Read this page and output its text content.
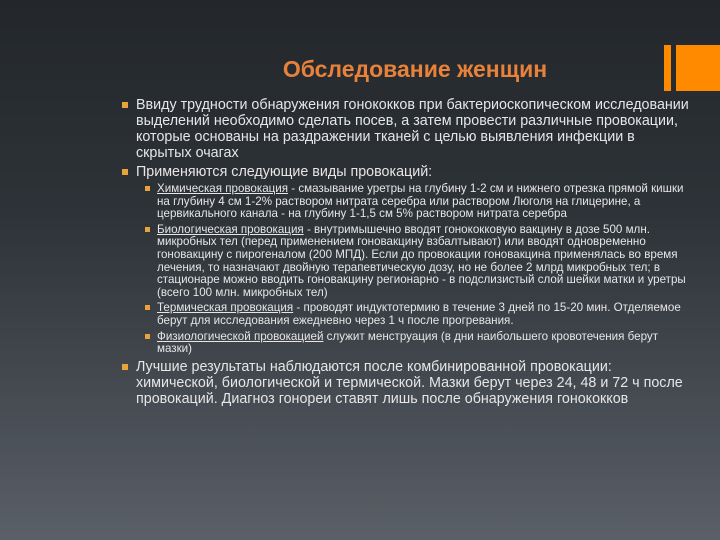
Обследование женщин
Ввиду трудности обнаружения гонококков при бактериоскопическом исследовании выделений необходимо сделать посев, а затем провести различные провокации, которые основаны на раздражении тканей с целью выявления инфекции в скрытых очагах
Применяются следующие виды провокаций:
Химическая провокация - смазывание уретры на глубину 1-2 см и нижнего отрезка прямой кишки на глубину 4 см 1-2% раствором нитрата серебра или раствором Люголя на глицерине, а цервикального канала - на глубину 1-1,5 см 5% раствором нитрата серебра
Биологическая провокация - внутримышечно вводят гонококковую вакцину в дозе 500 млн. микробных тел (перед применением гоновакцину взбалтывают) или вводят одновременно гоновакцину с пирогеналом (200 МПД). Если до провокации гоновакцина применялась во время лечения, то назначают двойную терапевтическую дозу, но не более 2 млрд микробных тел; в стационаре можно вводить гоновакцину регионарно - в подслизистый слой шейки матки и уретры (всего 100 млн. микробных тел)
Термическая провокация - проводят индуктотермию в течение 3 дней по 15-20 мин. Отделяемое берут для исследования ежедневно через 1 ч после прогревания.
Физиологической провокацией служит менструация (в дни наибольшего кровотечения берут мазки)
Лучшие результаты наблюдаются после комбинированной провокации: химической, биологической и термической. Мазки берут через 24, 48 и 72 ч после провокаций. Диагноз гонореи ставят лишь после обнаружения гонококков
